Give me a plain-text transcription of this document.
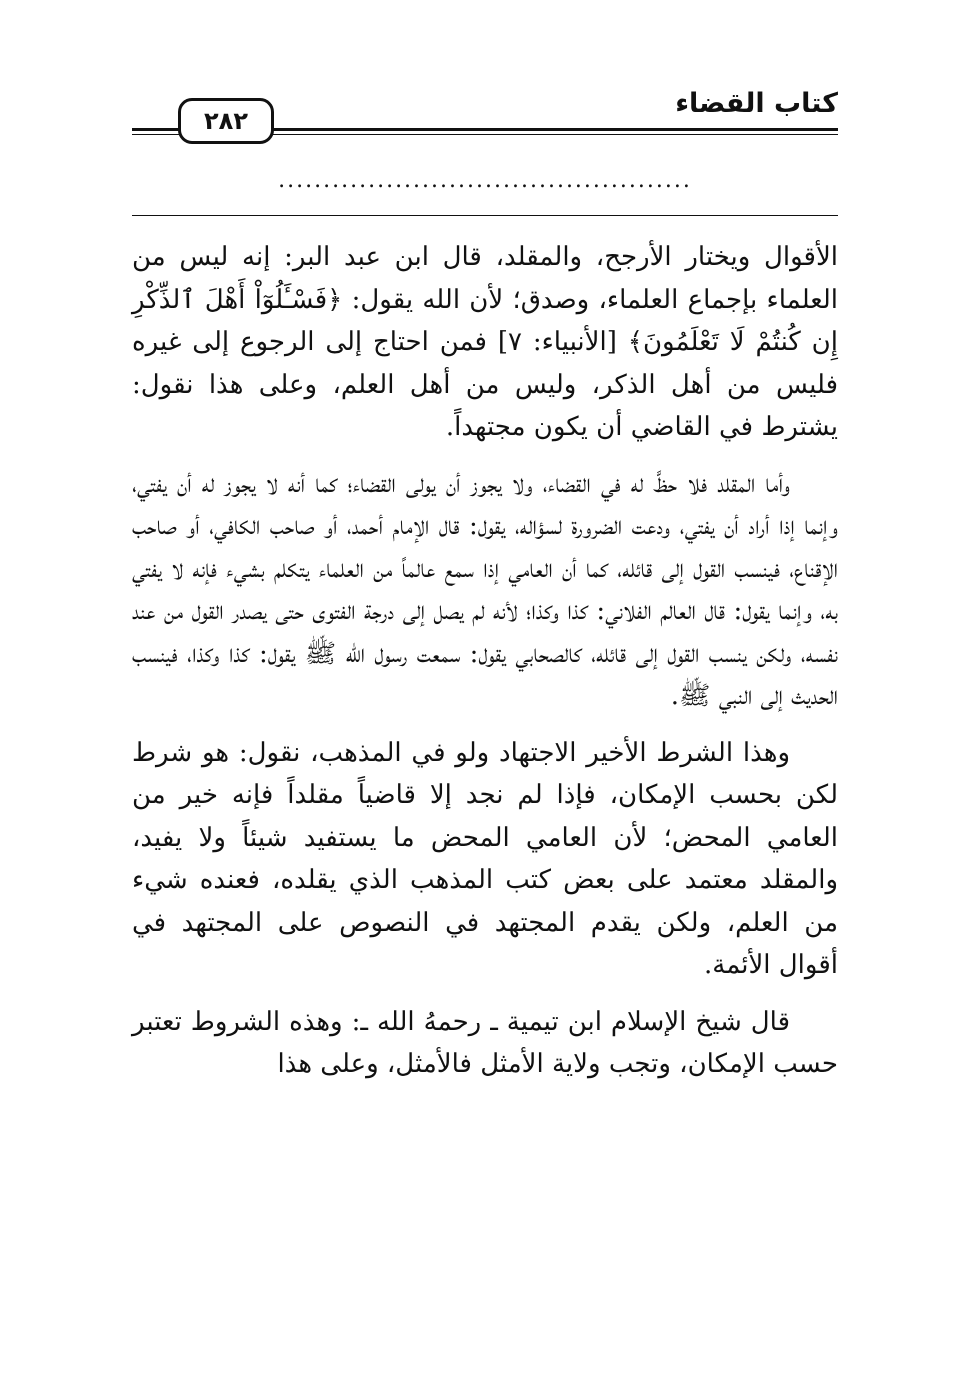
٢٨٢
كتاب القضاء
..............................................

الأقوال ويختار الأرجح، والمقلد، قال ابن عبد البر: إنه ليس من العلماء بإجماع العلماء، وصدق؛ لأن الله يقول: ﴿فَسْـَٔلُوٓاْ أَهْلَ ٱلذِّكْرِ إِن كُنتُمْ لَا تَعْلَمُونَ﴾ [الأنبياء: ٧] فمن احتاج إلى الرجوع إلى غيره فليس من أهل الذكر، وليس من أهل العلم، وعلى هذا نقول: يشترط في القاضي أن يكون مجتهداً.

وأما المقلد فلا حظَّ له في القضاء، ولا يجوز أن يولى القضاء؛ كما أنه لا يجوز له أن يفتي، وإنما إذا أراد أن يفتي، ودعت الضرورة لسؤاله، يقول: قال الإمام أحمد، أو صاحب الكافي، أو صاحب الإقناع، فينسب القول إلى قائله، كما أن العامي إذا سمع عالماً من العلماء يتكلم بشيء فإنه لا يفتي به، وإنما يقول: قال العالم الفلاني: كذا وكذا؛ لأنه لم يصل إلى درجة الفتوى حتى يصدر القول من عند نفسه، ولكن ينسب القول إلى قائله، كالصحابي يقول: سمعت رسول الله ﷺ يقول: كذا وكذا، فينسب الحديث إلى النبي ﷺ.

وهذا الشرط الأخير الاجتهاد ولو في المذهب، نقول: هو شرط لكن بحسب الإمكان، فإذا لم نجد إلا قاضياً مقلداً فإنه خير من العامي المحض؛ لأن العامي المحض ما يستفيد شيئاً ولا يفيد، والمقلد معتمد على بعض كتب المذهب الذي يقلده، فعنده شيء من العلم، ولكن يقدم المجتهد في النصوص على المجتهد في أقوال الأئمة.

قال شيخ الإسلام ابن تيمية ـ رحمهُ الله ـ: وهذه الشروط تعتبر حسب الإمكان، وتجب ولاية الأمثل فالأمثل، وعلى هذا
